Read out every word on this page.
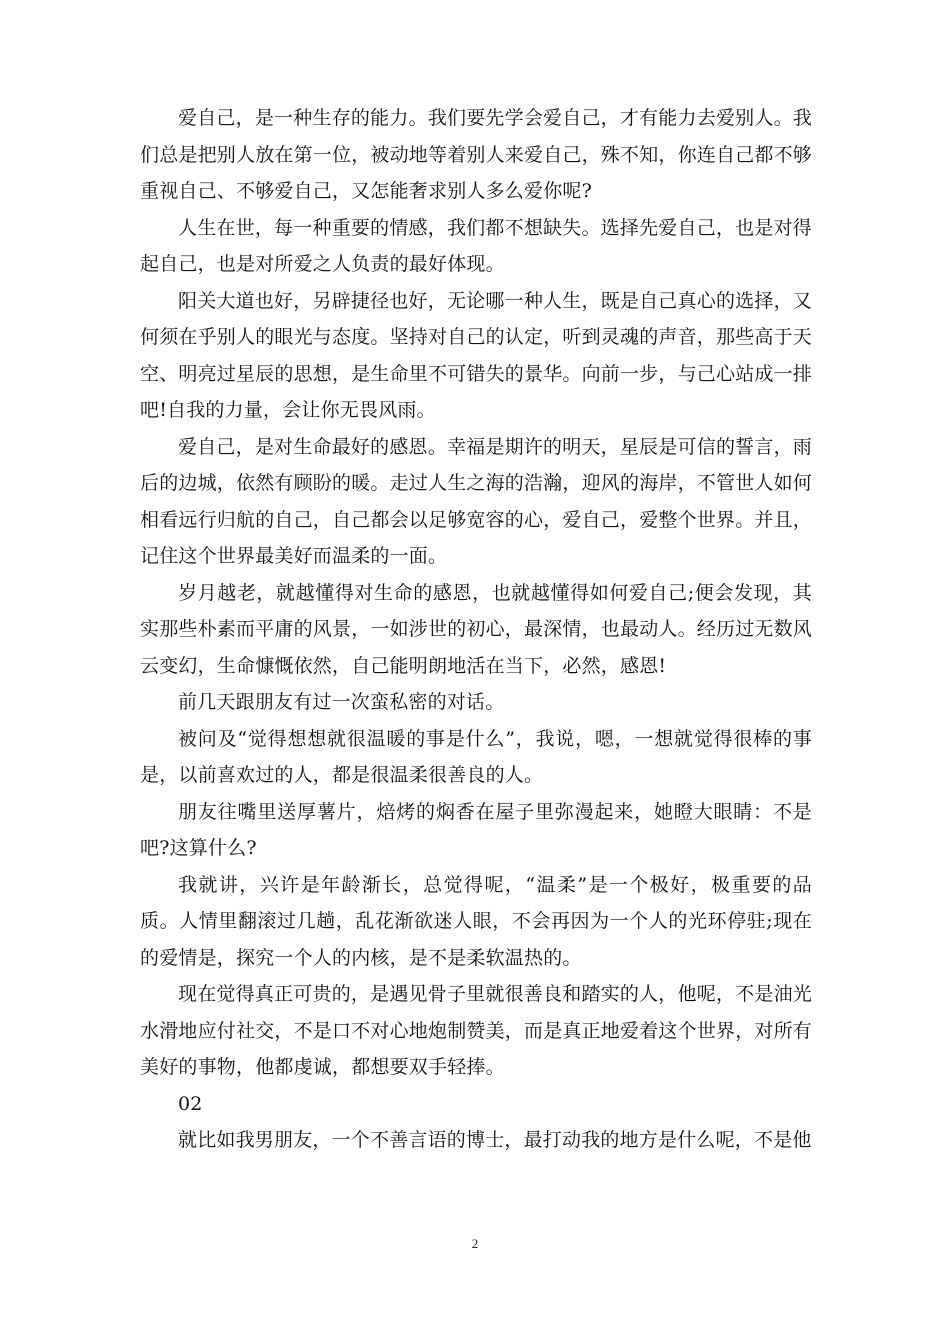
爱自己，是一种生存的能力。我们要先学会爱自己，才有能力去爱别人。我们总是把别人放在第一位，被动地等着别人来爱自己，殊不知，你连自己都不够重视自己、不够爱自己，又怎能奢求别人多么爱你呢?

人生在世，每一种重要的情感，我们都不想缺失。选择先爱自己，也是对得起自己，也是对所爱之人负责的最好体现。

阳关大道也好，另辟捷径也好，无论哪一种人生，既是自己真心的选择，又何须在乎别人的眼光与态度。坚持对自己的认定，听到灵魂的声音，那些高于天空、明亮过星辰的思想，是生命里不可错失的景华。向前一步，与己心站成一排吧!自我的力量，会让你无畏风雨。

爱自己，是对生命最好的感恩。幸福是期许的明天，星辰是可信的誓言，雨后的边城，依然有顾盼的暖。走过人生之海的浩瀚，迎风的海岸，不管世人如何相看远行归航的自己，自己都会以足够宽容的心，爱自己，爱整个世界。并且，记住这个世界最美好而温柔的一面。

岁月越老，就越懂得对生命的感恩，也就越懂得如何爱自己;便会发现，其实那些朴素而平庸的风景，一如涉世的初心，最深情，也最动人。经历过无数风云变幻，生命慷慨依然，自己能明朗地活在当下，必然，感恩!

前几天跟朋友有过一次蛮私密的对话。

被问及“觉得想想就很温暖的事是什么”，我说，嗯，一想就觉得很棒的事是，以前喜欢过的人，都是很温柔很善良的人。

朋友往嘴里送厚薯片，焙烤的焖香在屋子里弥漫起来，她瞪大眼睛：不是吧?这算什么?

我就讲，兴许是年龄渐长，总觉得呢，“温柔”是一个极好，极重要的品质。人情里翻滚过几趟，乱花渐欲迷人眼，不会再因为一个人的光环停驻;现在的爱情是，探究一个人的内核，是不是柔软温热的。

现在觉得真正可贵的，是遇见骨子里就很善良和踏实的人，他呢，不是油光水滑地应付社交，不是口不对心地炮制赞美，而是真正地爱着这个世界，对所有美好的事物，他都虔诚，都想要双手轻捧。

02

就比如我男朋友，一个不善言语的博士，最打动我的地方是什么呢，不是他

2
